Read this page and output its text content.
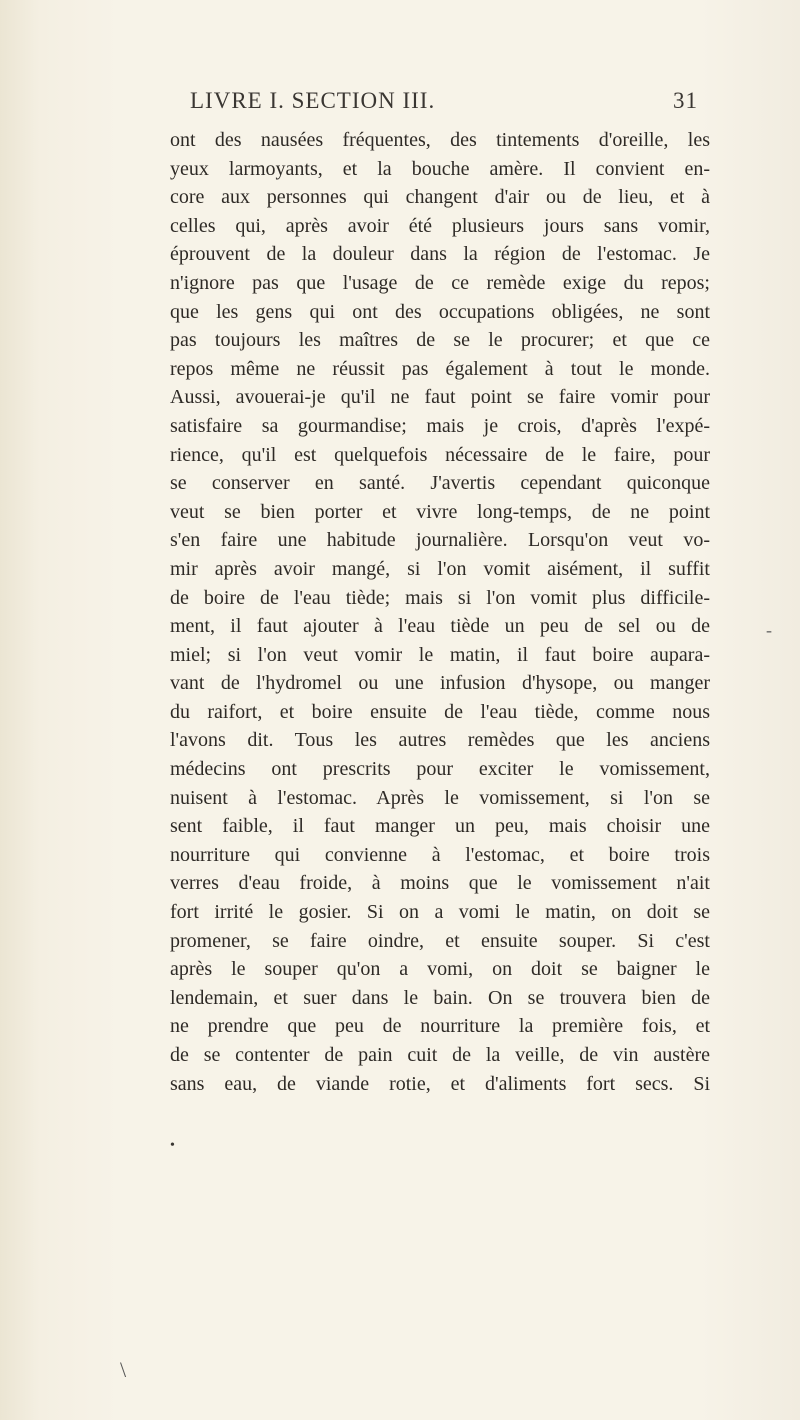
LIVRE I. SECTION III.	31
ont des nausées fréquentes, des tintements d'oreille, les
yeux larmoyants, et la bouche amère. Il convient en-
core aux personnes qui changent d'air ou de lieu, et à
celles qui, après avoir été plusieurs jours sans vomir,
éprouvent de la douleur dans la région de l'estomac. Je
n'ignore pas que l'usage de ce remède exige du repos;
que les gens qui ont des occupations obligées, ne sont
pas toujours les maîtres de se le procurer; et que ce
repos même ne réussit pas également à tout le monde.
Aussi, avouerai-je qu'il ne faut point se faire vomir pour
satisfaire sa gourmandise; mais je crois, d'après l'expé-
rience, qu'il est quelquefois nécessaire de le faire, pour
se conserver en santé. J'avertis cependant quiconque
veut se bien porter et vivre long-temps, de ne point
s'en faire une habitude journalière. Lorsqu'on veut vo-
mir après avoir mangé, si l'on vomit aisément, il suffit
de boire de l'eau tiède; mais si l'on vomit plus difficile-
ment, il faut ajouter à l'eau tiède un peu de sel ou de
miel; si l'on veut vomir le matin, il faut boire aupara-
vant de l'hydromel ou une infusion d'hysope, ou manger
du raifort, et boire ensuite de l'eau tiède, comme nous
l'avons dit. Tous les autres remèdes que les anciens
médecins ont prescrits pour exciter le vomissement,
nuisent à l'estomac. Après le vomissement, si l'on se
sent faible, il faut manger un peu, mais choisir une
nourriture qui convienne à l'estomac, et boire trois
verres d'eau froide, à moins que le vomissement n'ait
fort irrité le gosier. Si on a vomi le matin, on doit se
promener, se faire oindre, et ensuite souper. Si c'est
après le souper qu'on a vomi, on doit se baigner le
lendemain, et suer dans le bain. On se trouvera bien de
ne prendre que peu de nourriture la première fois, et
de se contenter de pain cuit de la veille, de vin austère
sans eau, de viande rotie, et d'aliments fort secs. Si
•
-
\
